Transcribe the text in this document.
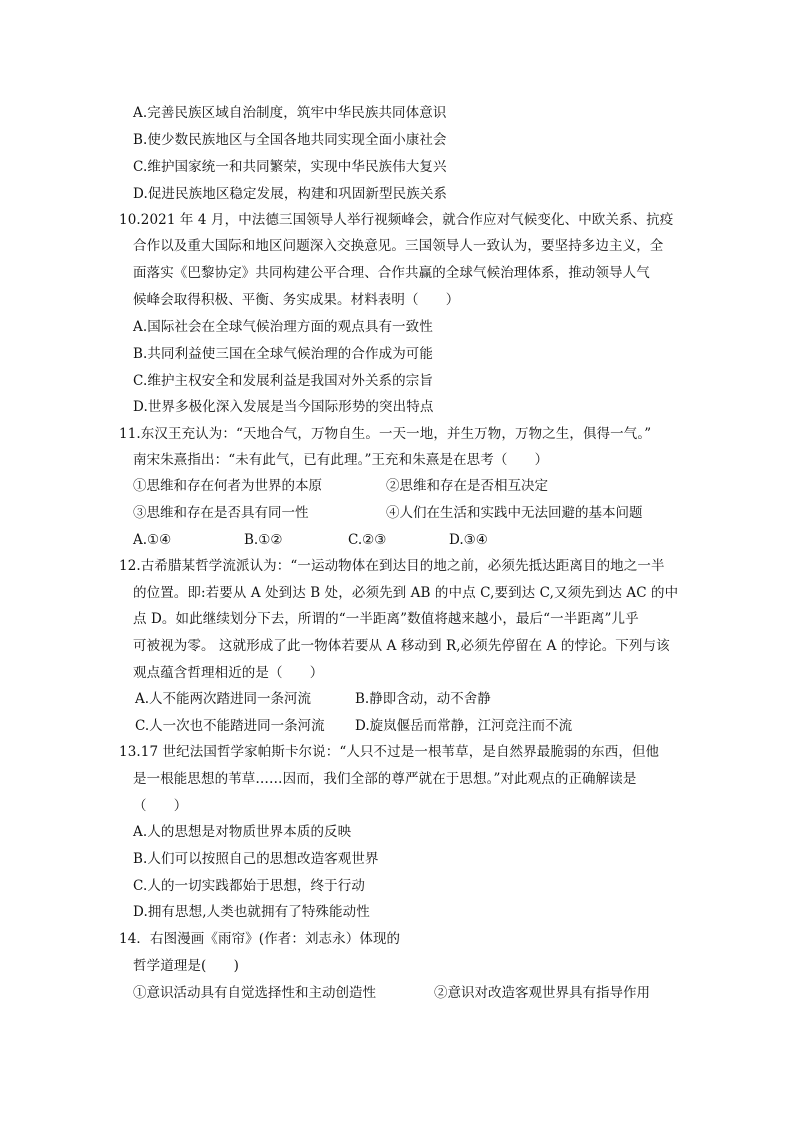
A.完善民族区域自治制度，筑牢中华民族共同体意识
B.使少数民族地区与全国各地共同实现全面小康社会
C.维护国家统一和共同繁荣，实现中华民族伟大复兴
D.促进民族地区稳定发展，构建和巩固新型民族关系
10.2021 年 4 月，中法德三国领导人举行视频峰会，就合作应对气候变化、中欧关系、抗疫
合作以及重大国际和地区问题深入交换意见。三国领导人一致认为，要坚持多边主义，全
面落实《巴黎协定》共同构建公平合理、合作共赢的全球气候治理体系，推动领导人气
候峰会取得积极、平衡、务实成果。材料表明（　　）
A.国际社会在全球气候治理方面的观点具有一致性
B.共同利益使三国在全球气候治理的合作成为可能
C.维护主权安全和发展利益是我国对外关系的宗旨
D.世界多极化深入发展是当今国际形势的突出特点
11.东汉王充认为：“天地合气，万物自生。一天一地，并生万物，万物之生，俱得一气。”
南宋朱熹指出：“未有此气，已有此理。”王充和朱熹是在思考（　　）
①思维和存在何者为世界的本原	②思维和存在是否相互决定
③思维和存在是否具有同一性	④人们在生活和实践中无法回避的基本问题
A.①④	B.①②	C.②③	D.③④
12.古希腊某哲学流派认为：“一运动物体在到达目的地之前，必须先抵达距离目的地之一半
的位置。即:若要从 A 处到达 B 处，必须先到 AB 的中点 C,要到达 C,又须先到达 AC 的中
点 D。如此继续划分下去，所谓的“一半距离”数值将越来越小，最后“一半距离”儿乎
可被视为零。 这就形成了此一物体若要从 A 移动到 R,必须先停留在 A 的悖论。下列与该
观点蕴含哲理相近的是（　　）
A.人不能两次踏进同一条河流	B.静即含动，动不舍静
C.人一次也不能踏进同一条河流 D.旋岚偃岳而常静，江河竞注而不流
13.17 世纪法国哲学家帕斯卡尔说：“人只不过是一根苇草，是自然界最脆弱的东西，但他
是一根能思想的苇草……因而，我们全部的尊严就在于思想。”对此观点的正确解读是
（　　）
A.人的思想是对物质世界本质的反映
B.人们可以按照自己的思想改造客观世界
C.人的一切实践都始于思想，终于行动
D.拥有思想,人类也就拥有了特殊能动性
14．右图漫画《雨帘》(作者：刘志永）体现的
哲学道理是(　　)
①意识活动具有自觉选择性和主动创造性	②意识对改造客观世界具有指导作用
